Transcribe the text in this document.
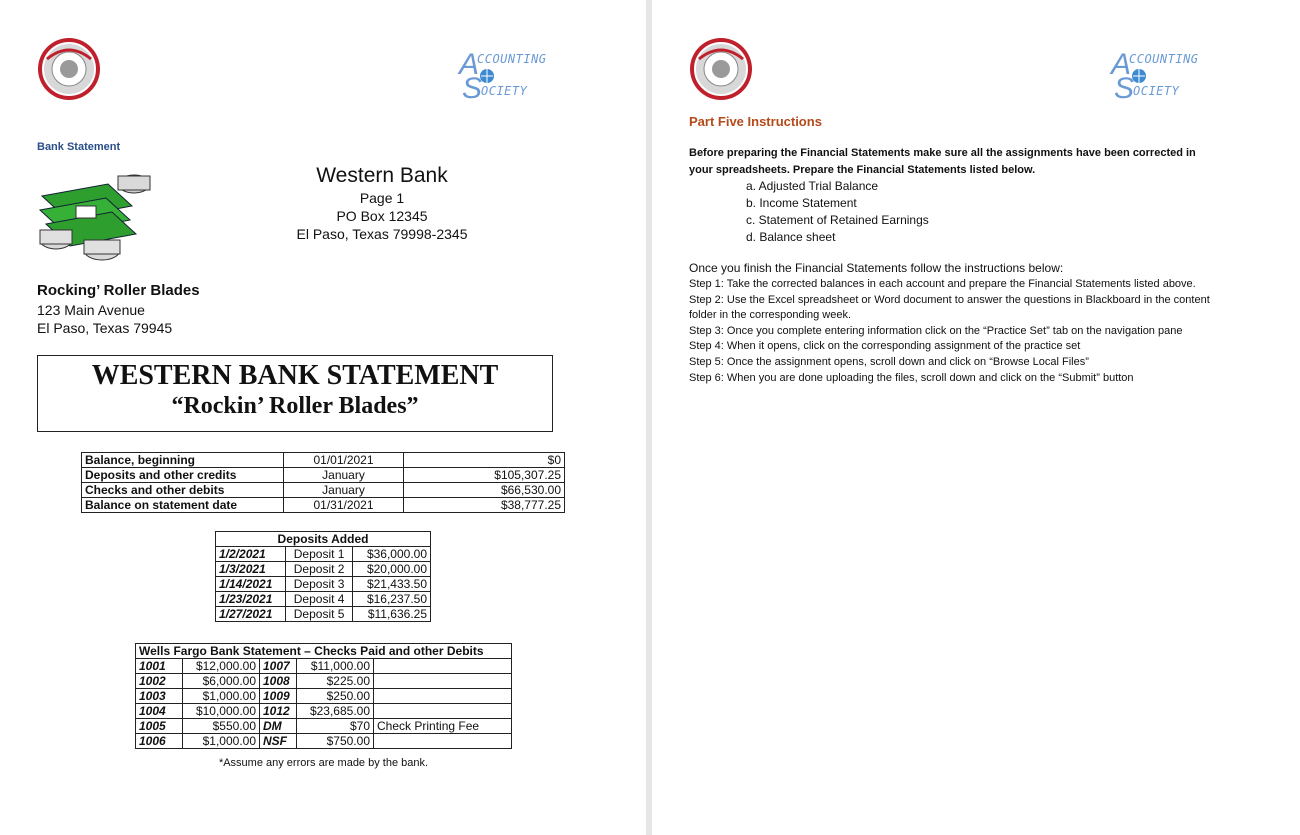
A
CCOUNTING
S
OCIETY
Bank Statement
Western Bank
Page 1
PO Box 12345
El Paso, Texas 79998-2345
Rocking’ Roller Blades
123 Main Avenue
El Paso, Texas 79945
WESTERN BANK STATEMENT
“Rockin’ Roller Blades”
Balance, beginning	01/01/2021	$0
Deposits and other credits	January	$105,307.25
Checks and other debits	January	$66,530.00
Balance on statement date	01/31/2021	$38,777.25
Deposits Added		
1/2/2021	Deposit 1	$36,000.00
1/3/2021	Deposit 2	$20,000.00
1/14/2021	Deposit 3	$21,433.50
1/23/2021	Deposit 4	$16,237.50
1/27/2021	Deposit 5	$11,636.25
Wells Fargo Bank Statement – Checks Paid and other Debits				
1001	$12,000.00	1007	$11,000.00	
1002	$6,000.00	1008	$225.00	
1003	$1,000.00	1009	$250.00	
1004	$10,000.00	1012	$23,685.00	
1005	$550.00	DM	$70	Check Printing Fee
1006	$1,000.00	NSF	$750.00	
*Assume any errors are made by the bank.
A
CCOUNTING
S
OCIETY
Part Five Instructions
Before preparing the Financial Statements make sure all the assignments have been corrected in
your spreadsheets. Prepare the Financial Statements listed below.
a. Adjusted Trial Balance
b. Income Statement
c. Statement of Retained Earnings
d. Balance sheet
Once you finish the Financial Statements follow the instructions below:
Step 1: Take the corrected balances in each account and prepare the Financial Statements listed above.
Step 2: Use the Excel spreadsheet or Word document to answer the questions in Blackboard in the content
folder in the corresponding week.
Step 3: Once you complete entering information click on the “Practice Set” tab on the navigation pane
Step 4: When it opens, click on the corresponding assignment of the practice set
Step 5: Once the assignment opens, scroll down and click on “Browse Local Files”
Step 6: When you are done uploading the files, scroll down and click on the “Submit” button
